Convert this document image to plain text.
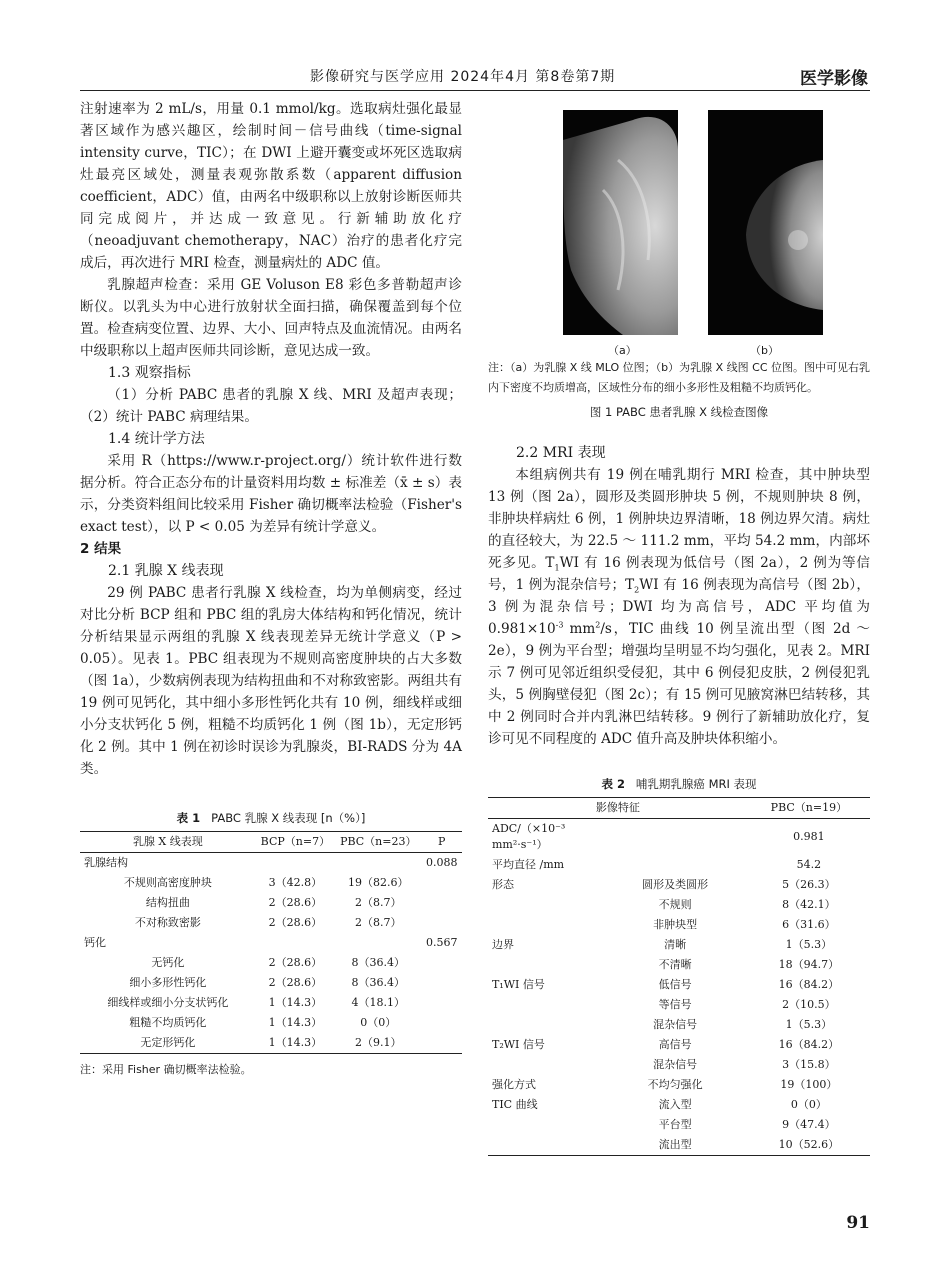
影像研究与医学应用 2024年4月 第8卷第7期	医学影像

注射速率为 2 mL/s，用量 0.1 mmol/kg。选取病灶强化最显著区域作为感兴趣区，绘制时间－信号曲线（time-signal intensity curve，TIC）；在 DWI 上避开囊变或坏死区选取病灶最亮区域处，测量表观弥散系数（apparent diffusion coefficient，ADC）值，由两名中级职称以上放射诊断医师共同完成阅片，并达成一致意见。行新辅助放化疗（neoadjuvant chemotherapy，NAC）治疗的患者化疗完成后，再次进行 MRI 检查，测量病灶的 ADC 值。

乳腺超声检查：采用 GE Voluson E8 彩色多普勒超声诊断仪。以乳头为中心进行放射状全面扫描，确保覆盖到每个位置。检查病变位置、边界、大小、回声特点及血流情况。由两名中级职称以上超声医师共同诊断，意见达成一致。

1.3 观察指标

（1）分析 PABC 患者的乳腺 X 线、MRI 及超声表现；（2）统计 PABC 病理结果。

1.4 统计学方法

采用 R（https://www.r-project.org/）统计软件进行数据分析。符合正态分布的计量资料用均数 ± 标准差（x̄ ± s）表示，分类资料组间比较采用 Fisher 确切概率法检验（Fisher's exact test），以 P < 0.05 为差异有统计学意义。

2 结果

2.1 乳腺 X 线表现

29 例 PABC 患者行乳腺 X 线检查，均为单侧病变，经过对比分析 BCP 组和 PBC 组的乳房大体结构和钙化情况，统计分析结果显示两组的乳腺 X 线表现差异无统计学意义（P > 0.05）。见表 1。PBC 组表现为不规则高密度肿块的占大多数（图 1a），少数病例表现为结构扭曲和不对称致密影。两组共有 19 例可见钙化，其中细小多形性钙化共有 10 例，细线样或细小分支状钙化 5 例，粗糙不均质钙化 1 例（图 1b），无定形钙化 2 例。其中 1 例在初诊时误诊为乳腺炎，BI-RADS 分为 4A 类。

表 1 PABC 乳腺 X 线表现 [n（%）]
乳腺 X 线表现	BCP（n=7）	PBC（n=23）	P
乳腺结构			0.088
不规则高密度肿块	3（42.8）	19（82.6）	
结构扭曲	2（28.6）	2（8.7）	
不对称致密影	2（28.6）	2（8.7）	
钙化			0.567
无钙化	2（28.6）	8（36.4）	
细小多形性钙化	2（28.6）	8（36.4）	
细线样或细小分支状钙化	1（14.3）	4（18.1）	
粗糙不均质钙化	1（14.3）	0（0）	
无定形钙化	1（14.3）	2（9.1）	
注：采用 Fisher 确切概率法检验。
（a）	（b）
注：（a）为乳腺 X 线 MLO 位图；（b）为乳腺 X 线图 CC 位图。图中可见右乳内下密度不均质增高，区域性分布的细小多形性及粗糙不均质钙化。
图 1 PABC 患者乳腺 X 线检查图像

2.2 MRI 表现

本组病例共有 19 例在哺乳期行 MRI 检查，其中肿块型 13 例（图 2a），圆形及类圆形肿块 5 例，不规则肿块 8 例，非肿块样病灶 6 例，1 例肿块边界清晰，18 例边界欠清。病灶的直径较大，为 22.5 ～ 111.2 mm，平均 54.2 mm，内部坏死多见。$T_1WI$ 有 16 例表现为低信号（图 2a），2 例为等信号，1 例为混杂信号；$T_2WI$ 有 16 例表现为高信号（图 2b），3 例为混杂信号；DWI 均为高信号，ADC 平均值为 $0.981\times 10^{-3}$ $mm^2/s$，TIC 曲线 10 例呈流出型（图 2d ～ 2e），9 例为平台型；增强均呈明显不均匀强化，见表 2。MRI 示 7 例可见邻近组织受侵犯，其中 6 例侵犯皮肤，2 例侵犯乳头，5 例胸壁侵犯（图 2c）；有 15 例可见腋窝淋巴结转移，其中 2 例同时合并内乳淋巴结转移。9 例行了新辅助放化疗，复诊可见不同程度的 ADC 值升高及肿块体积缩小。

表 2 哺乳期乳腺癌 MRI 表现
影像特征		PBC（n=19）
ADC/（×10⁻³ mm²·s⁻¹）		0.981
平均直径 /mm		54.2
形态	圆形及类圆形	5（26.3）
	不规则	8（42.1）
	非肿块型	6（31.6）
边界	清晰	1（5.3）
	不清晰	18（94.7）
T₁WI 信号	低信号	16（84.2）
	等信号	2（10.5）
	混杂信号	1（5.3）
T₂WI 信号	高信号	16（84.2）
	混杂信号	3（15.8）
强化方式	不均匀强化	19（100）
TIC 曲线	流入型	0（0）
	平台型	9（47.4）
	流出型	10（52.6）
91
